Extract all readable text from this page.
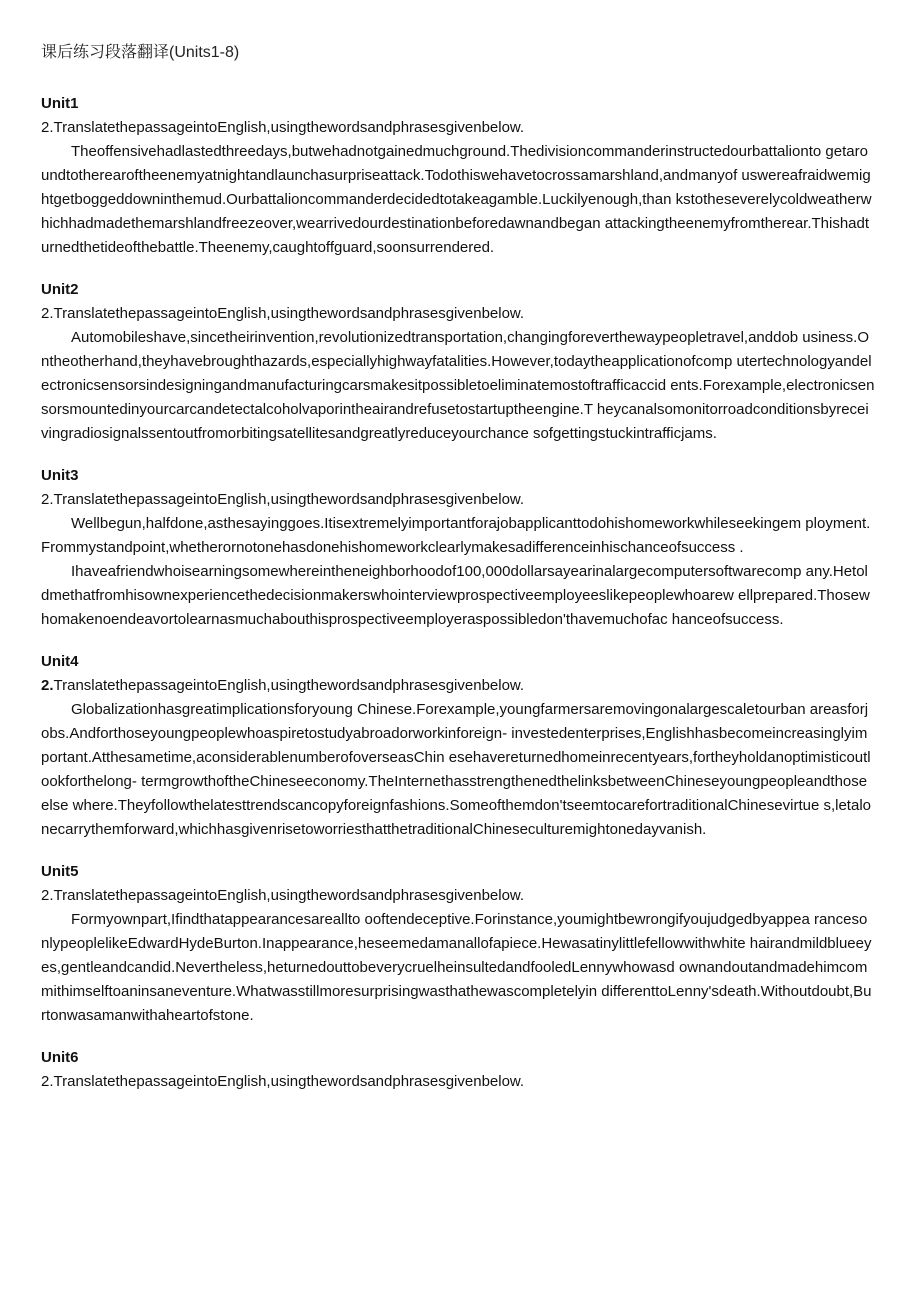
课后练习段落翻译(Units1-8)
Unit1
2.TranslatethepassageintoEnglish,usingthewordsandphrasesgivenbelow.

Theoffensivehadlastedthreedays,butwehadnotgainedmuchground.Thedivisioncommanderinstructedourbattalionto getaroundtotherearoftheenemyatnightandlaunchasurpriseattack.Todothiswehavetocrossamarshland,andmanyof uswereafraidwemightgetboggeddowninthemud.Ourbattalioncommanderdecidedtotakeagamble.Luckilyenough,than kstotheseverelycoldweatherwhichhadmadethemarshlandfreezeover,wearrivedourdestinationbeforedawnandbegan attackingtheenemyfromtherear.Thishadturnedthetideofthebattle.Theenemy,caughtoffguard,soonsurrendered.

Unit2
2.TranslatethepassageintoEnglish,usingthewordsandphrasesgivenbelow.

Automobileshave,sincetheirinvention,revolutionizedtransportation,changingforeverthewaypeopletravel,anddob usiness.Ontheotherhand,theyhavebroughthazards,especiallyhighwayfatalities.However,todaytheapplicationofcomp utertechnologyandelectronicsensorsindesigningandmanufacturingcarsmakesitpossibletoeliminatemostoftrafficaccid ents.Forexample,electronicsensorsmountedinyourcarcandetectalcoholvaporintheairandrefusetostartuptheengine.T heycanalsomonitorroadconditionsbyreceivingradiosignalssentoutfromorbitingsatellitesandgreatlyreduceyourchance sofgettingstuckintrafficjams.

Unit3
2.TranslatethepassageintoEnglish,usingthewordsandphrasesgivenbelow.

Wellbegun,halfdone,asthesayinggoes.Itisextremelyimportantforajobapplicanttodohishomeworkwhileseekingem ployment.Frommystandpoint,whetherornotonehasdonehishomeworkclearlymakesadifferenceinhischanceofsuccess .

Ihaveafriendwhoisearningsomewhereintheneighborhoodof100,000dollarsayearinalargecomputersoftwarecomp any.Hetoldmethatfromhisownexperiencethedecisionmakerswhointerviewprospectiveemployeeslikepeoplewhoarew ellprepared.Thosewhomakenoendeavortolearnasmuchabouthisprospectiveemployeraspossibledon'thavemuchofac hanceofsuccess.

Unit4
2.TranslatethepassageintoEnglish,usingthewordsandphrasesgivenbelow.

Globalizationhasgreatimplicationsforyoung Chinese.Forexample,youngfarmersaremovingonalargescaletourban areasforjobs.Andforthoseyoungpeoplewhoaspiretostudyabroadorworkinforeign- investedenterprises,Englishhasbecomeincreasinglyimportant.Atthesametime,aconsiderablenumberofoverseasChin esehavereturnedhomeinrecentyears,fortheyholdanoptimisticoutlookforthelong- termgrowthoftheChineseeconomy.TheInternethasstrengthenedthelinksbetweenChineseyoungpeopleandthoseelse where.Theyfollowthelatesttrendscancopyforeignfashions.Someofthemdon'tseemtocarefortraditionalChinesevirtue s,letalonecarrythemforward,whichhasgivenrisetoworriesthatthetraditionalChineseculturemightonedayvanish.

Unit5
2.TranslatethepassageintoEnglish,usingthewordsandphrasesgivenbelow.

Formyownpart,Ifindthatappearancesareallto ooftendeceptive.Forinstance,youmightbewrongifyoujudgedbyappea rancesonlypeoplelikeEdwardHydeBurton.Inappearance,heseemedamanallofapiece.Hewasatinylittlefellowwithwhite hairandmildblueeyes,gentleandcandid.Nevertheless,heturnedouttobeverycruelheinsultedandfooledLennywhowasd ownandoutandmadehimcommithimselftoaninsaneventure.Whatwasstillmoresurprisingwasthathewascompletelyin differenttoLenny'sdeath.Withoutdoubt,Burtonwasamanwithaheartofstone.

Unit6
2.TranslatethepassageintoEnglish,usingthewordsandphrasesgivenbelow.
